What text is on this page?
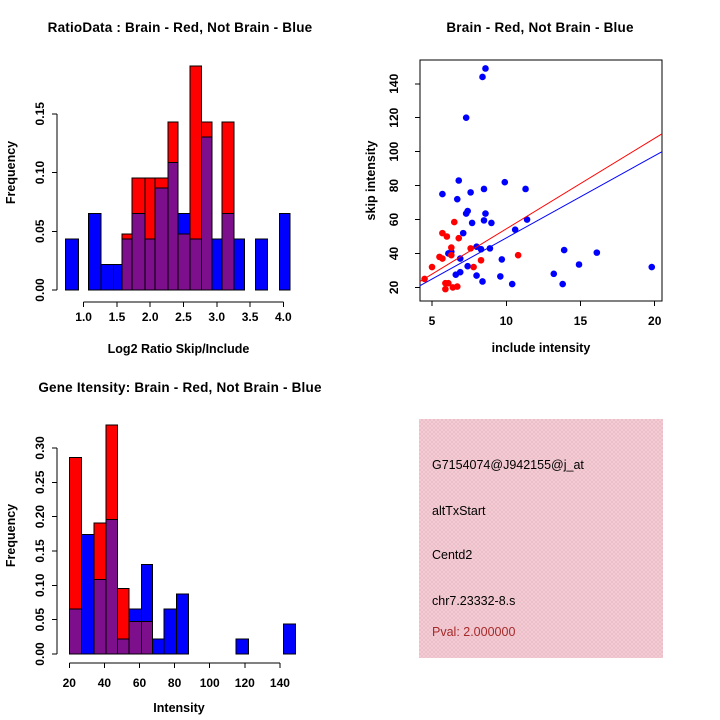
RatioData : Brain - Red, Not Brain - Blue
1.0 1.5 2.0 2.5 3.0 3.5 4.0
0.00
0.05
0.10
0.15
Log2 Ratio Skip/Include
Frequency
Brain - Red, Not Brain - Blue
5	10	15	20
20
40
60
80
100
120
140
include intensity
skip intensity
Gene Itensity: Brain - Red, Not Brain - Blue
20 40 60 80 100 120 140
0.00
0.05
0.10
0.15
0.20
0.25
0.30
Intensity
Frequency
G7154074@J942155@j_at
altTxStart
Centd2
chr7.23332-8.s
Pval: 2.000000
